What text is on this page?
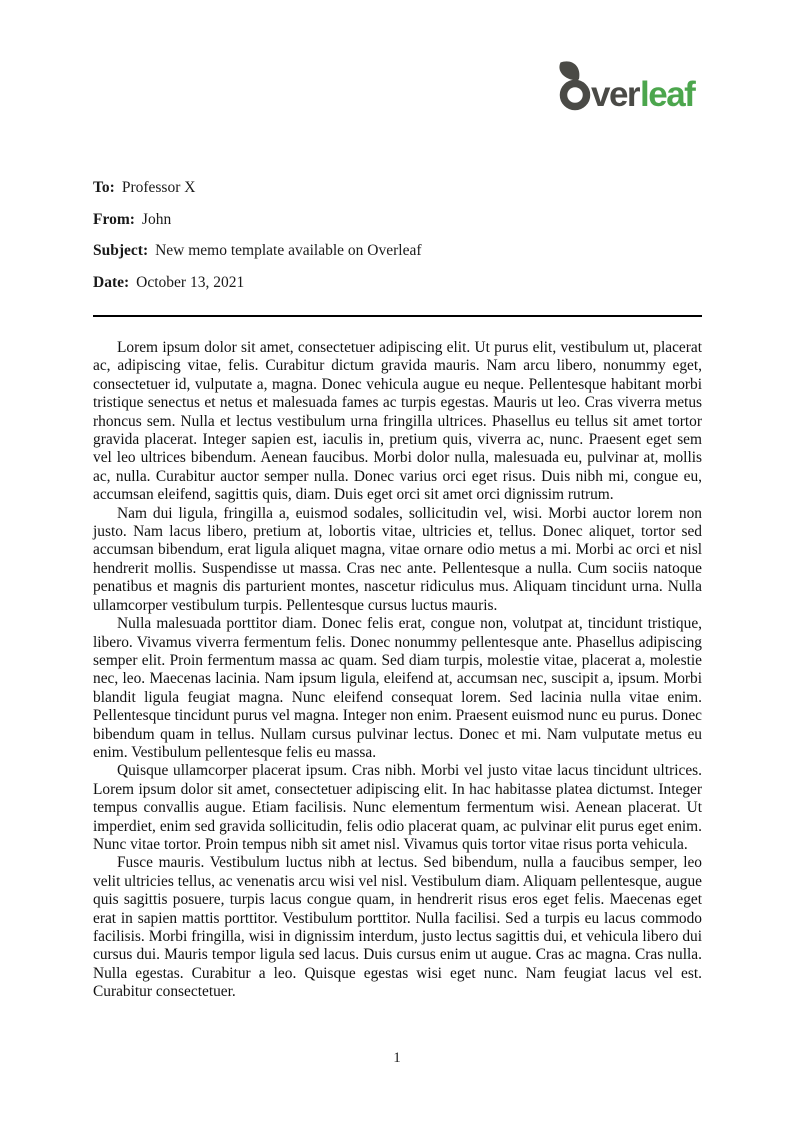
ver leaf
To: Professor X
From: John
Subject: New memo template available on Overleaf
Date: October 13, 2021

Lorem ipsum dolor sit amet, consectetuer adipiscing elit. Ut purus elit, vestibulum ut, placerat ac, adipiscing vitae, felis. Curabitur dictum gravida mauris. Nam arcu libero, nonummy eget, consectetuer id, vulputate a, magna. Donec vehicula augue eu neque. Pellentesque habitant morbi tristique senectus et netus et malesuada fames ac turpis egestas. Mauris ut leo. Cras viverra metus rhoncus sem. Nulla et lectus vestibulum urna fringilla ultrices. Phasellus eu tellus sit amet tortor gravida placerat. Integer sapien est, iaculis in, pretium quis, viverra ac, nunc. Praesent eget sem vel leo ultrices bibendum. Aenean faucibus. Morbi dolor nulla, malesuada eu, pulvinar at, mollis ac, nulla. Curabitur auctor semper nulla. Donec varius orci eget risus. Duis nibh mi, congue eu, accumsan eleifend, sagittis quis, diam. Duis eget orci sit amet orci dignissim rutrum.

Nam dui ligula, fringilla a, euismod sodales, sollicitudin vel, wisi. Morbi auctor lorem non justo. Nam lacus libero, pretium at, lobortis vitae, ultricies et, tellus. Donec aliquet, tortor sed accumsan bibendum, erat ligula aliquet magna, vitae ornare odio metus a mi. Morbi ac orci et nisl hendrerit mollis. Suspendisse ut massa. Cras nec ante. Pellentesque a nulla. Cum sociis natoque penatibus et magnis dis parturient montes, nascetur ridiculus mus. Aliquam tincidunt urna. Nulla ullamcorper vestibulum turpis. Pellentesque cursus luctus mauris.

Nulla malesuada porttitor diam. Donec felis erat, congue non, volutpat at, tincidunt tristique, libero. Vivamus viverra fermentum felis. Donec nonummy pellentesque ante. Phasellus adipiscing semper elit. Proin fermentum massa ac quam. Sed diam turpis, molestie vitae, placerat a, molestie nec, leo. Maecenas lacinia. Nam ipsum ligula, eleifend at, accumsan nec, suscipit a, ipsum. Morbi blandit ligula feugiat magna. Nunc eleifend consequat lorem. Sed lacinia nulla vitae enim. Pellentesque tincidunt purus vel magna. Integer non enim. Praesent euismod nunc eu purus. Donec bibendum quam in tellus. Nullam cursus pulvinar lectus. Donec et mi. Nam vulputate metus eu enim. Vestibulum pellentesque felis eu massa.

Quisque ullamcorper placerat ipsum. Cras nibh. Morbi vel justo vitae lacus tincidunt ultrices. Lorem ipsum dolor sit amet, consectetuer adipiscing elit. In hac habitasse platea dictumst. Integer tempus convallis augue. Etiam facilisis. Nunc elementum fermentum wisi. Aenean placerat. Ut imperdiet, enim sed gravida sollicitudin, felis odio placerat quam, ac pulvinar elit purus eget enim. Nunc vitae tortor. Proin tempus nibh sit amet nisl. Vivamus quis tortor vitae risus porta vehicula.

Fusce mauris. Vestibulum luctus nibh at lectus. Sed bibendum, nulla a faucibus semper, leo velit ultricies tellus, ac venenatis arcu wisi vel nisl. Vestibulum diam. Aliquam pellentesque, augue quis sagittis posuere, turpis lacus congue quam, in hendrerit risus eros eget felis. Maecenas eget erat in sapien mattis porttitor. Vestibulum porttitor. Nulla facilisi. Sed a turpis eu lacus commodo facilisis. Morbi fringilla, wisi in dignissim interdum, justo lectus sagittis dui, et vehicula libero dui cursus dui. Mauris tempor ligula sed lacus. Duis cursus enim ut augue. Cras ac magna. Cras nulla. Nulla egestas. Curabitur a leo. Quisque egestas wisi eget nunc. Nam feugiat lacus vel est. Curabitur consectetuer.

1
